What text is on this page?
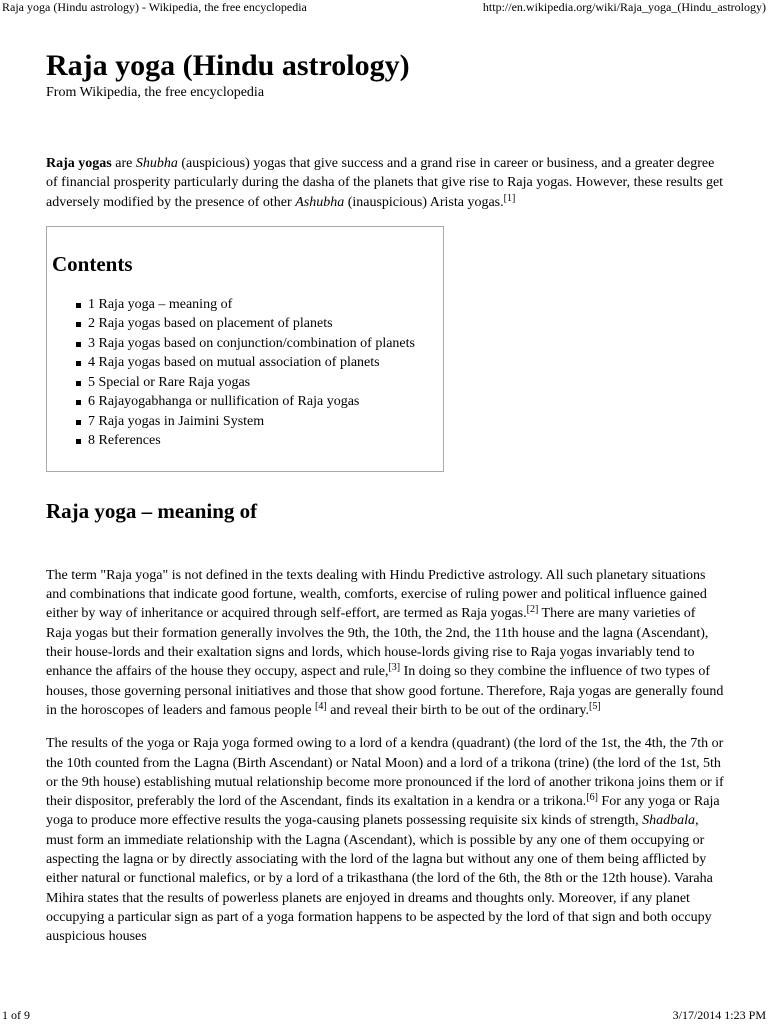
Raja yoga (Hindu astrology) - Wikipedia, the free encyclopedia	http://en.wikipedia.org/wiki/Raja_yoga_(Hindu_astrology)
Raja yoga (Hindu astrology)
From Wikipedia, the free encyclopedia

Raja yogas are Shubha (auspicious) yogas that give success and a grand rise in career or business, and a greater degree of financial prosperity particularly during the dasha of the planets that give rise to Raja yogas. However, these results get adversely modified by the presence of other Ashubha (inauspicious) Arista yogas.[1]

Contents
1 Raja yoga – meaning of
2 Raja yogas based on placement of planets
3 Raja yogas based on conjunction/combination of planets
4 Raja yogas based on mutual association of planets
5 Special or Rare Raja yogas
6 Rajayogabhanga or nullification of Raja yogas
7 Raja yogas in Jaimini System
8 References
Raja yoga – meaning of

The term "Raja yoga" is not defined in the texts dealing with Hindu Predictive astrology. All such planetary situations and combinations that indicate good fortune, wealth, comforts, exercise of ruling power and political influence gained either by way of inheritance or acquired through self-effort, are termed as Raja yogas.[2] There are many varieties of Raja yogas but their formation generally involves the 9th, the 10th, the 2nd, the 11th house and the lagna (Ascendant), their house-lords and their exaltation signs and lords, which house-lords giving rise to Raja yogas invariably tend to enhance the affairs of the house they occupy, aspect and rule,[3] In doing so they combine the influence of two types of houses, those governing personal initiatives and those that show good fortune. Therefore, Raja yogas are generally found in the horoscopes of leaders and famous people [4] and reveal their birth to be out of the ordinary.[5]

The results of the yoga or Raja yoga formed owing to a lord of a kendra (quadrant) (the lord of the 1st, the 4th, the 7th or the 10th counted from the Lagna (Birth Ascendant) or Natal Moon) and a lord of a trikona (trine) (the lord of the 1st, 5th or the 9th house) establishing mutual relationship become more pronounced if the lord of another trikona joins them or if their dispositor, preferably the lord of the Ascendant, finds its exaltation in a kendra or a trikona.[6] For any yoga or Raja yoga to produce more effective results the yoga-causing planets possessing requisite six kinds of strength, Shadbala, must form an immediate relationship with the Lagna (Ascendant), which is possible by any one of them occupying or aspecting the lagna or by directly associating with the lord of the lagna but without any one of them being afflicted by either natural or functional malefics, or by a lord of a trikasthana (the lord of the 6th, the 8th or the 12th house). Varaha Mihira states that the results of powerless planets are enjoyed in dreams and thoughts only. Moreover, if any planet occupying a particular sign as part of a yoga formation happens to be aspected by the lord of that sign and both occupy auspicious houses

1 of 9	3/17/2014 1:23 PM
